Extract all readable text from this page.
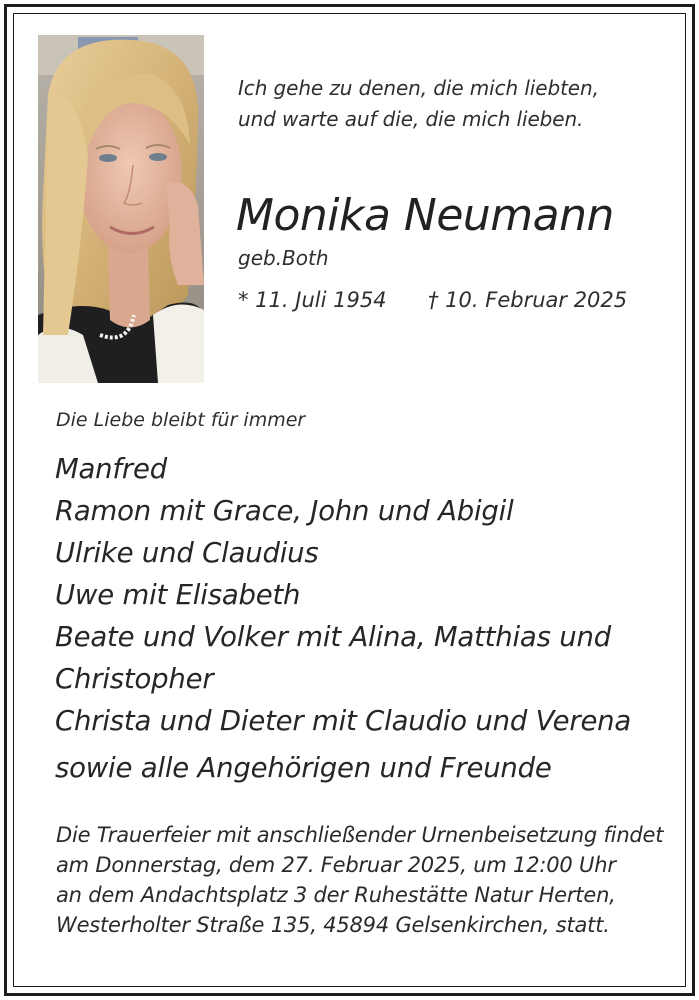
Ich gehe zu denen, die mich liebten,
und warte auf die, die mich lieben.
Monika Neumann
geb.Both
* 11. Juli 1954 † 10. Februar 2025
Die Liebe bleibt für immer
Manfred
Ramon mit Grace, John und Abigil
Ulrike und Claudius
Uwe mit Elisabeth
Beate und Volker mit Alina, Matthias und
Christopher
Christa und Dieter mit Claudio und Verena
sowie alle Angehörigen und Freunde
Die Trauerfeier mit anschließender Urnenbeisetzung findet
am Donnerstag, dem 27. Februar 2025, um 12:00 Uhr
an dem Andachtsplatz 3 der Ruhestätte Natur Herten,
Westerholter Straße 135, 45894 Gelsenkirchen, statt.
